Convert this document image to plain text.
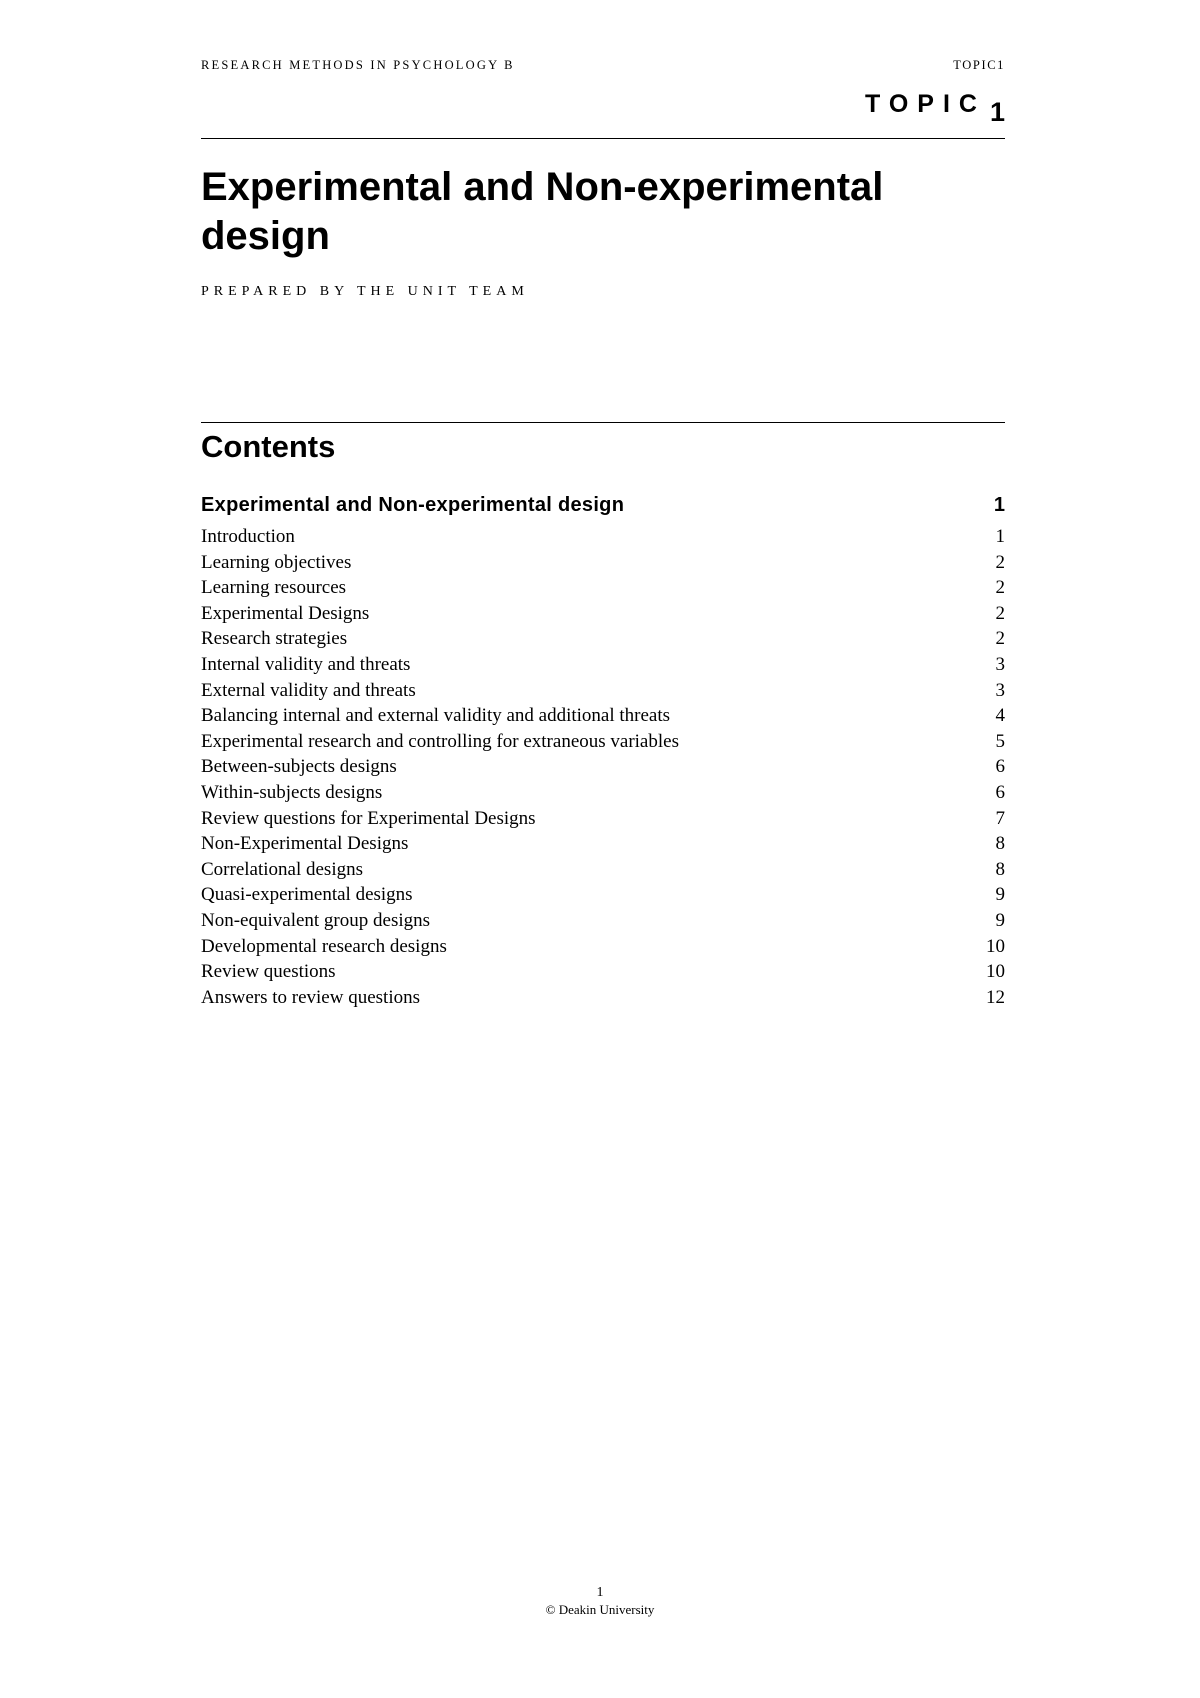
RESEARCH METHODS IN PSYCHOLOGY B	TOPIC1
TOPIC 1
Experimental and Non-experimental design
PREPARED BY THE UNIT TEAM
Contents
Experimental and Non-experimental design	1
Introduction	1
Learning objectives	2
Learning resources	2
Experimental Designs	2
Research strategies	2
Internal validity and threats	3
External validity and threats	3
Balancing internal and external validity and additional threats	4
Experimental research and controlling for extraneous variables	5
Between-subjects designs	6
Within-subjects designs	6
Review questions for Experimental Designs	7
Non-Experimental Designs	8
Correlational designs	8
Quasi-experimental designs	9
Non-equivalent group designs	9
Developmental research designs	10
Review questions	10
Answers to review questions	12
1
© Deakin University
